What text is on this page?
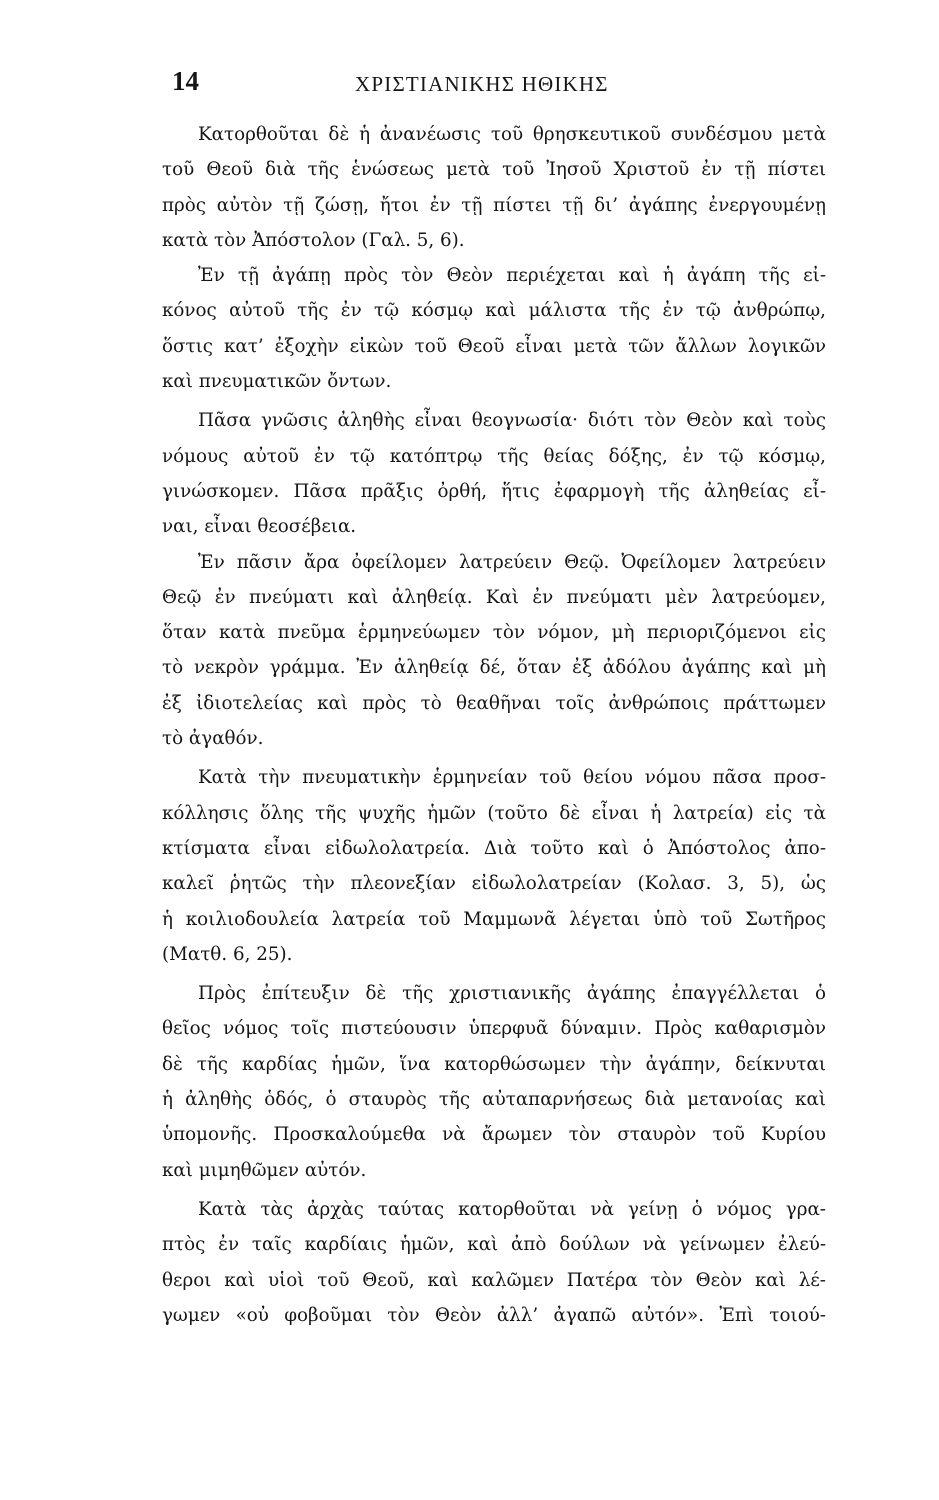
14	ΧΡΙΣΤΙΑΝΙΚΗΣ ΗΘΙΚΗΣ
Κατορθοῦται δὲ ἡ ἀνανέωσις τοῦ θρησκευτικοῦ συνδέσμου μετὰ
τοῦ Θεοῦ διὰ τῆς ἑνώσεως μετὰ τοῦ Ἰησοῦ Χριστοῦ ἐν τῇ πίστει
πρὸς αὐτὸν τῇ ζώσῃ, ἤτοι ἐν τῇ πίστει τῇ δι’ ἀγάπης ἐνεργουμένῃ
κατὰ τὸν Ἀπόστολον (Γαλ. 5, 6).
Ἐν τῇ ἀγάπῃ πρὸς τὸν Θεὸν περιέχεται καὶ ἡ ἀγάπη τῆς εἰ-
κόνος αὐτοῦ τῆς ἐν τῷ κόσμῳ καὶ μάλιστα τῆς ἐν τῷ ἀνθρώπῳ,
ὅστις κατ’ ἐξοχὴν εἰκὼν τοῦ Θεοῦ εἶναι μετὰ τῶν ἄλλων λογικῶν
καὶ πνευματικῶν ὄντων.
Πᾶσα γνῶσις ἀληθὴς εἶναι θεογνωσία· διότι τὸν Θεὸν καὶ τοὺς
νόμους αὐτοῦ ἐν τῷ κατόπτρῳ τῆς θείας δόξης, ἐν τῷ κόσμῳ,
γινώσκομεν. Πᾶσα πρᾶξις ὀρθή, ἥτις ἐφαρμογὴ τῆς ἀληθείας εἶ-
ναι, εἶναι θεοσέβεια.
Ἐν πᾶσιν ἄρα ὀφείλομεν λατρεύειν Θεῷ. Ὀφείλομεν λατρεύειν
Θεῷ ἐν πνεύματι καὶ ἀληθείᾳ. Καὶ ἐν πνεύματι μὲν λατρεύομεν,
ὅταν κατὰ πνεῦμα ἑρμηνεύωμεν τὸν νόμον, μὴ περιοριζόμενοι εἰς
τὸ νεκρὸν γράμμα. Ἐν ἀληθείᾳ δέ, ὅταν ἐξ ἀδόλου ἀγάπης καὶ μὴ
ἐξ ἰδιοτελείας καὶ πρὸς τὸ θεαθῆναι τοῖς ἀνθρώποις πράττωμεν
τὸ ἀγαθόν.
Κατὰ τὴν πνευματικὴν ἑρμηνείαν τοῦ θείου νόμου πᾶσα προσ-
κόλλησις ὅλης τῆς ψυχῆς ἡμῶν (τοῦτο δὲ εἶναι ἡ λατρεία) εἰς τὰ
κτίσματα εἶναι εἰδωλολατρεία. Διὰ τοῦτο καὶ ὁ Ἀπόστολος ἀπο-
καλεῖ ῥητῶς τὴν πλεονεξίαν εἰδωλολατρείαν (Κολασ. 3, 5), ὡς
ἡ κοιλιοδουλεία λατρεία τοῦ Μαμμωνᾶ λέγεται ὑπὸ τοῦ Σωτῆρος
(Ματθ. 6, 25).
Πρὸς ἐπίτευξιν δὲ τῆς χριστιανικῆς ἀγάπης ἐπαγγέλλεται ὁ
θεῖος νόμος τοῖς πιστεύουσιν ὑπερφυᾶ δύναμιν. Πρὸς καθαρισμὸν
δὲ τῆς καρδίας ἡμῶν, ἵνα κατορθώσωμεν τὴν ἀγάπην, δείκνυται
ἡ ἀληθὴς ὁδός, ὁ σταυρὸς τῆς αὐταπαρνήσεως διὰ μετανοίας καὶ
ὑπομονῆς. Προσκαλούμεθα νὰ ἄρωμεν τὸν σταυρὸν τοῦ Κυρίου
καὶ μιμηθῶμεν αὐτόν.
Κατὰ τὰς ἀρχὰς ταύτας κατορθοῦται νὰ γείνῃ ὁ νόμος γρα-
πτὸς ἐν ταῖς καρδίαις ἡμῶν, καὶ ἀπὸ δούλων νὰ γείνωμεν ἐλεύ-
θεροι καὶ υἱοὶ τοῦ Θεοῦ, καὶ καλῶμεν Πατέρα τὸν Θεὸν καὶ λέ-
γωμεν «οὐ φοβοῦμαι τὸν Θεὸν ἀλλ’ ἀγαπῶ αὐτόν». Ἐπὶ τοιού-
